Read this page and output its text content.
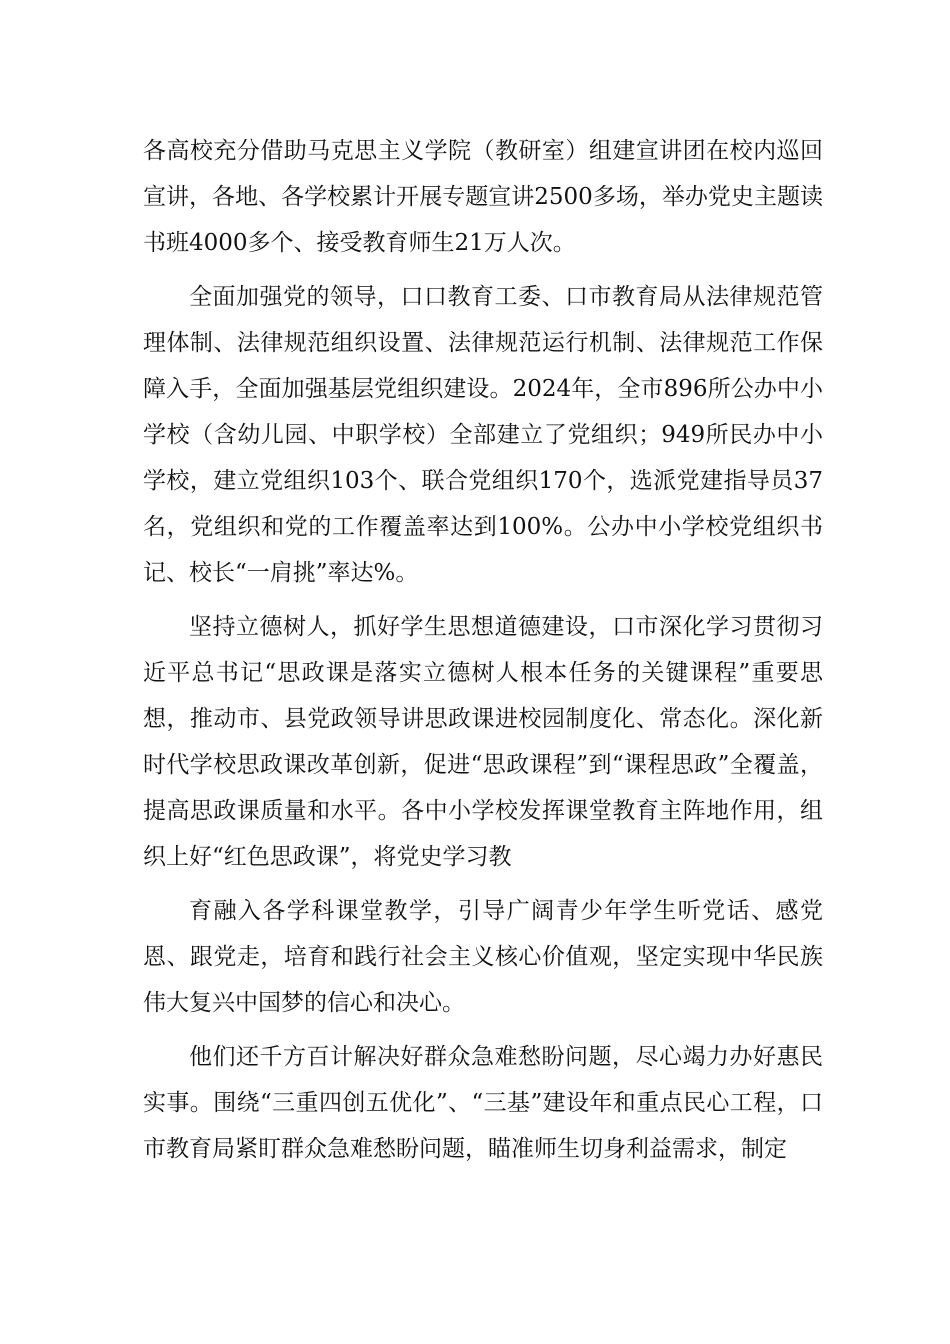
各高校充分借助马克思主义学院（教研室）组建宣讲团在校内巡回宣讲，各地、各学校累计开展专题宣讲2500多场，举办党史主题读书班4000多个、接受教育师生21万人次。

全面加强党的领导，口口教育工委、口市教育局从法律规范管理体制、法律规范组织设置、法律规范运行机制、法律规范工作保障入手，全面加强基层党组织建设。2024年，全市896所公办中小学校（含幼儿园、中职学校）全部建立了党组织；949所民办中小学校，建立党组织103个、联合党组织170个，选派党建指导员37名，党组织和党的工作覆盖率达到100%。公办中小学校党组织书记、校长“一肩挑”率达%。

坚持立德树人，抓好学生思想道德建设，口市深化学习贯彻习近平总书记“思政课是落实立德树人根本任务的关键课程”重要思想，推动市、县党政领导讲思政课进校园制度化、常态化。深化新时代学校思政课改革创新，促进“思政课程”到“课程思政”全覆盖，提高思政课质量和水平。各中小学校发挥课堂教育主阵地作用，组织上好“红色思政课”，将党史学习教

育融入各学科课堂教学，引导广阔青少年学生听党话、感党恩、跟党走，培育和践行社会主义核心价值观，坚定实现中华民族伟大复兴中国梦的信心和决心。

他们还千方百计解决好群众急难愁盼问题，尽心竭力办好惠民实事。围绕“三重四创五优化”、“三基”建设年和重点民心工程，口市教育局紧盯群众急难愁盼问题，瞄准师生切身利益需求，制定
